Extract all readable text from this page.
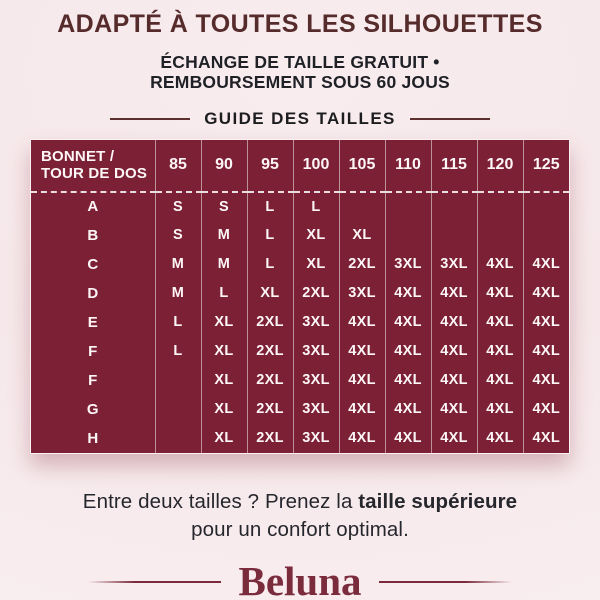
ADAPTÉ À TOUTES LES SILHOUETTES
ÉCHANGE DE TAILLE GRATUIT •
REMBOURSEMENT SOUS 60 JOUS
GUIDE DES TAILLES
BONNET / TOUR DE DOS	85	90	95	100	105	110	115	120	125
A	S	S	L	L					
B	S	M	L	XL	XL				
C	M	M	L	XL	2XL	3XL	3XL	4XL	4XL
D	M	L	XL	2XL	3XL	4XL	4XL	4XL	4XL
E	L	XL	2XL	3XL	4XL	4XL	4XL	4XL	4XL
F	L	XL	2XL	3XL	4XL	4XL	4XL	4XL	4XL
F		XL	2XL	3XL	4XL	4XL	4XL	4XL	4XL
G		XL	2XL	3XL	4XL	4XL	4XL	4XL	4XL
H		XL	2XL	3XL	4XL	4XL	4XL	4XL	4XL

Entre deux tailles ? Prenez la taille supérieure pour un confort optimal.

Beluna
